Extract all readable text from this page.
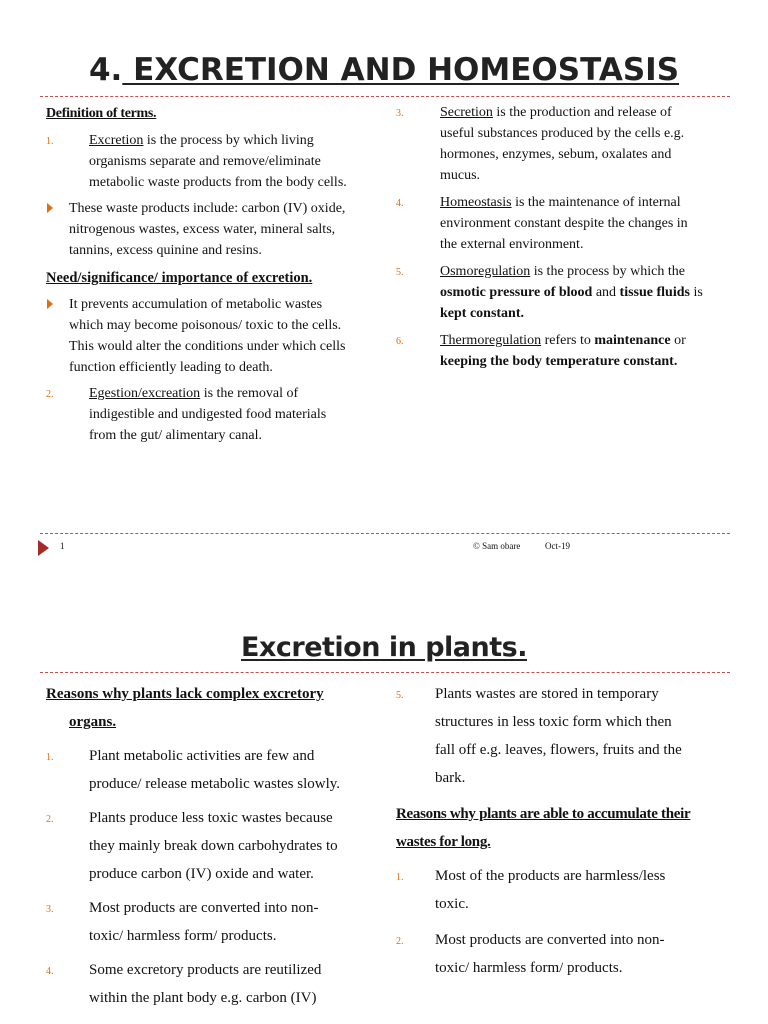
4. EXCRETION AND HOMEOSTASIS
Definition of terms.
1.	Excretion is the process by which living
organisms separate and remove/eliminate
metabolic waste products from the body cells.
These waste products include: carbon (IV) oxide,
nitrogenous wastes, excess water, mineral salts,
tannins, excess quinine and resins.
Need/significance/ importance of excretion.
It prevents accumulation of metabolic wastes
which may become poisonous/ toxic to the cells.
This would alter the conditions under which cells
function efficiently leading to death.
2.	Egestion/excreation is the removal of
indigestible and undigested food materials
from the gut/ alimentary canal.
3.	Secretion is the production and release of
useful substances produced by the cells e.g.
hormones, enzymes, sebum, oxalates and
mucus.
4.	Homeostasis is the maintenance of internal
environment constant despite the changes in
the external environment.
5.	Osmoregulation is the process by which the
osmotic pressure of blood and tissue fluids is
kept constant.
6.	Thermoregulation refers to maintenance or
keeping the body temperature constant.
1	© Sam obare	Oct-19
Excretion in plants.
Reasons why plants lack complex excretory
organs.
1. Plant metabolic activities are few and
produce/ release metabolic wastes slowly.
2. Plants produce less toxic wastes because
they mainly break down carbohydrates to
produce carbon (IV) oxide and water.
3. Most products are converted into non-
toxic/ harmless form/ products.
4. Some excretory products are reutilized
within the plant body e.g. carbon (IV)
5. Plants wastes are stored in temporary
structures in less toxic form which then
fall off e.g. leaves, flowers, fruits and the
bark.
Reasons why plants are able to accumulate their
wastes for long.
1. Most of the products are harmless/less
toxic.
2. Most products are converted into non-
toxic/ harmless form/ products.
